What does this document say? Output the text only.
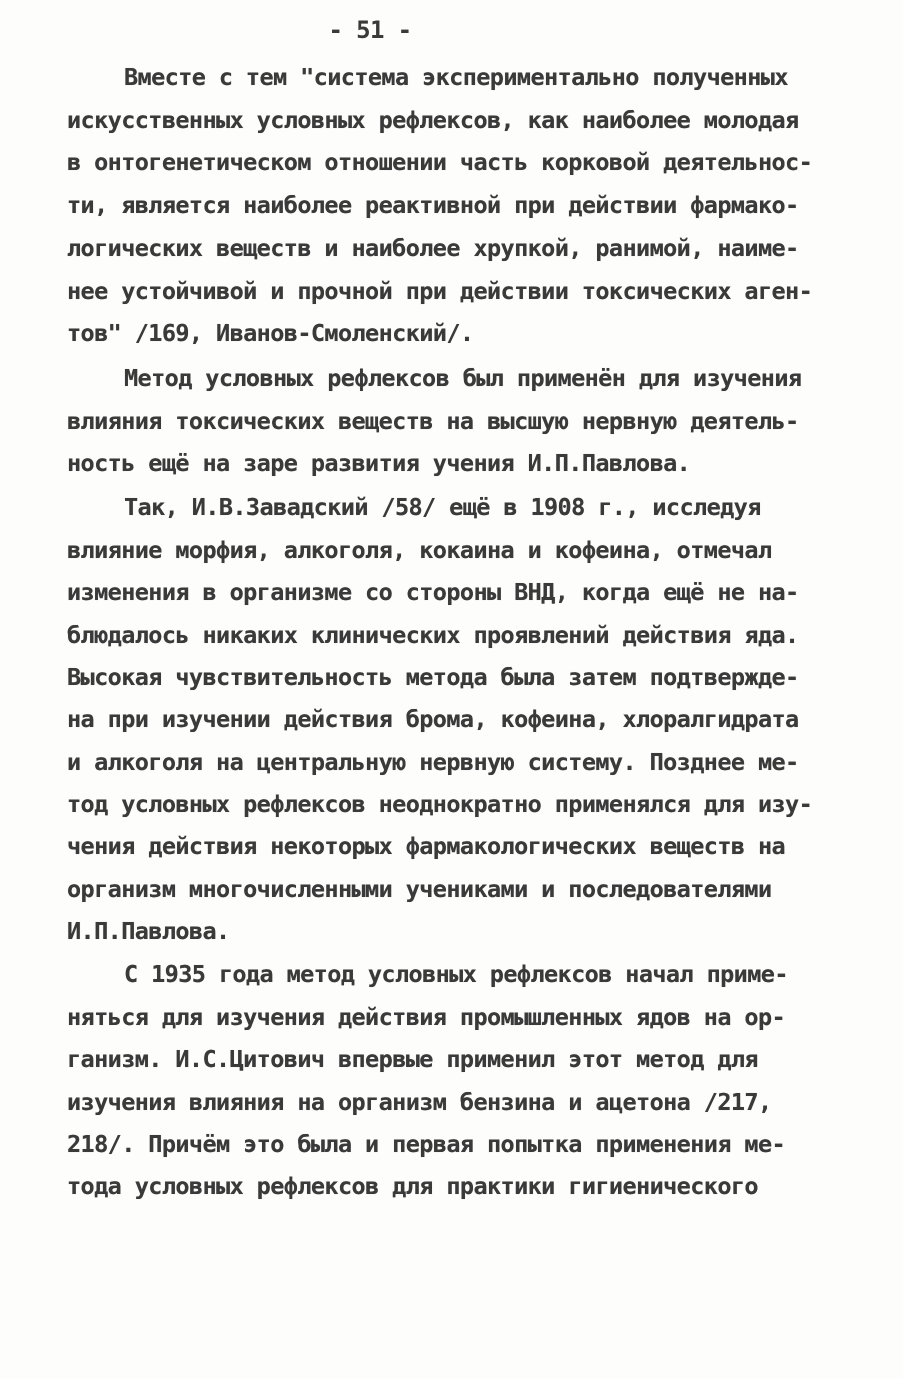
- 51 -
Вместе с тем "система экспериментально полученных
искусственных условных рефлексов, как наиболее молодая
в онтогенетическом отношении часть корковой деятельнос-
ти, является наиболее реактивной при действии фармако-
логических веществ и наиболее хрупкой, ранимой, наиме-
нее устойчивой и прочной при действии токсических аген-
тов" /169, Иванов-Смоленский/.
Метод условных рефлексов был применён для изучения
влияния токсических веществ на высшую нервную деятель-
ность ещё на заре развития учения И.П.Павлова.
Так, И.В.Завадский /58/ ещё в 1908 г., исследуя
влияние морфия, алкоголя, кокаина и кофеина, отмечал
изменения в организме со стороны ВНД, когда ещё не на-
блюдалось никаких клинических проявлений действия яда.
Высокая чувствительность метода была затем подтвержде-
на при изучении действия брома, кофеина, хлоралгидрата
и алкоголя на центральную нервную систему. Позднее ме-
тод условных рефлексов неоднократно применялся для изу-
чения действия некоторых фармакологических веществ на
организм многочисленными учениками и последователями
И.П.Павлова.
С 1935 года метод условных рефлексов начал приме-
няться для изучения действия промышленных ядов на ор-
ганизм. И.С.Цитович впервые применил этот метод для
изучения влияния на организм бензина и ацетона /217,
218/. Причём это была и первая попытка применения ме-
тода условных рефлексов для практики гигиенического
